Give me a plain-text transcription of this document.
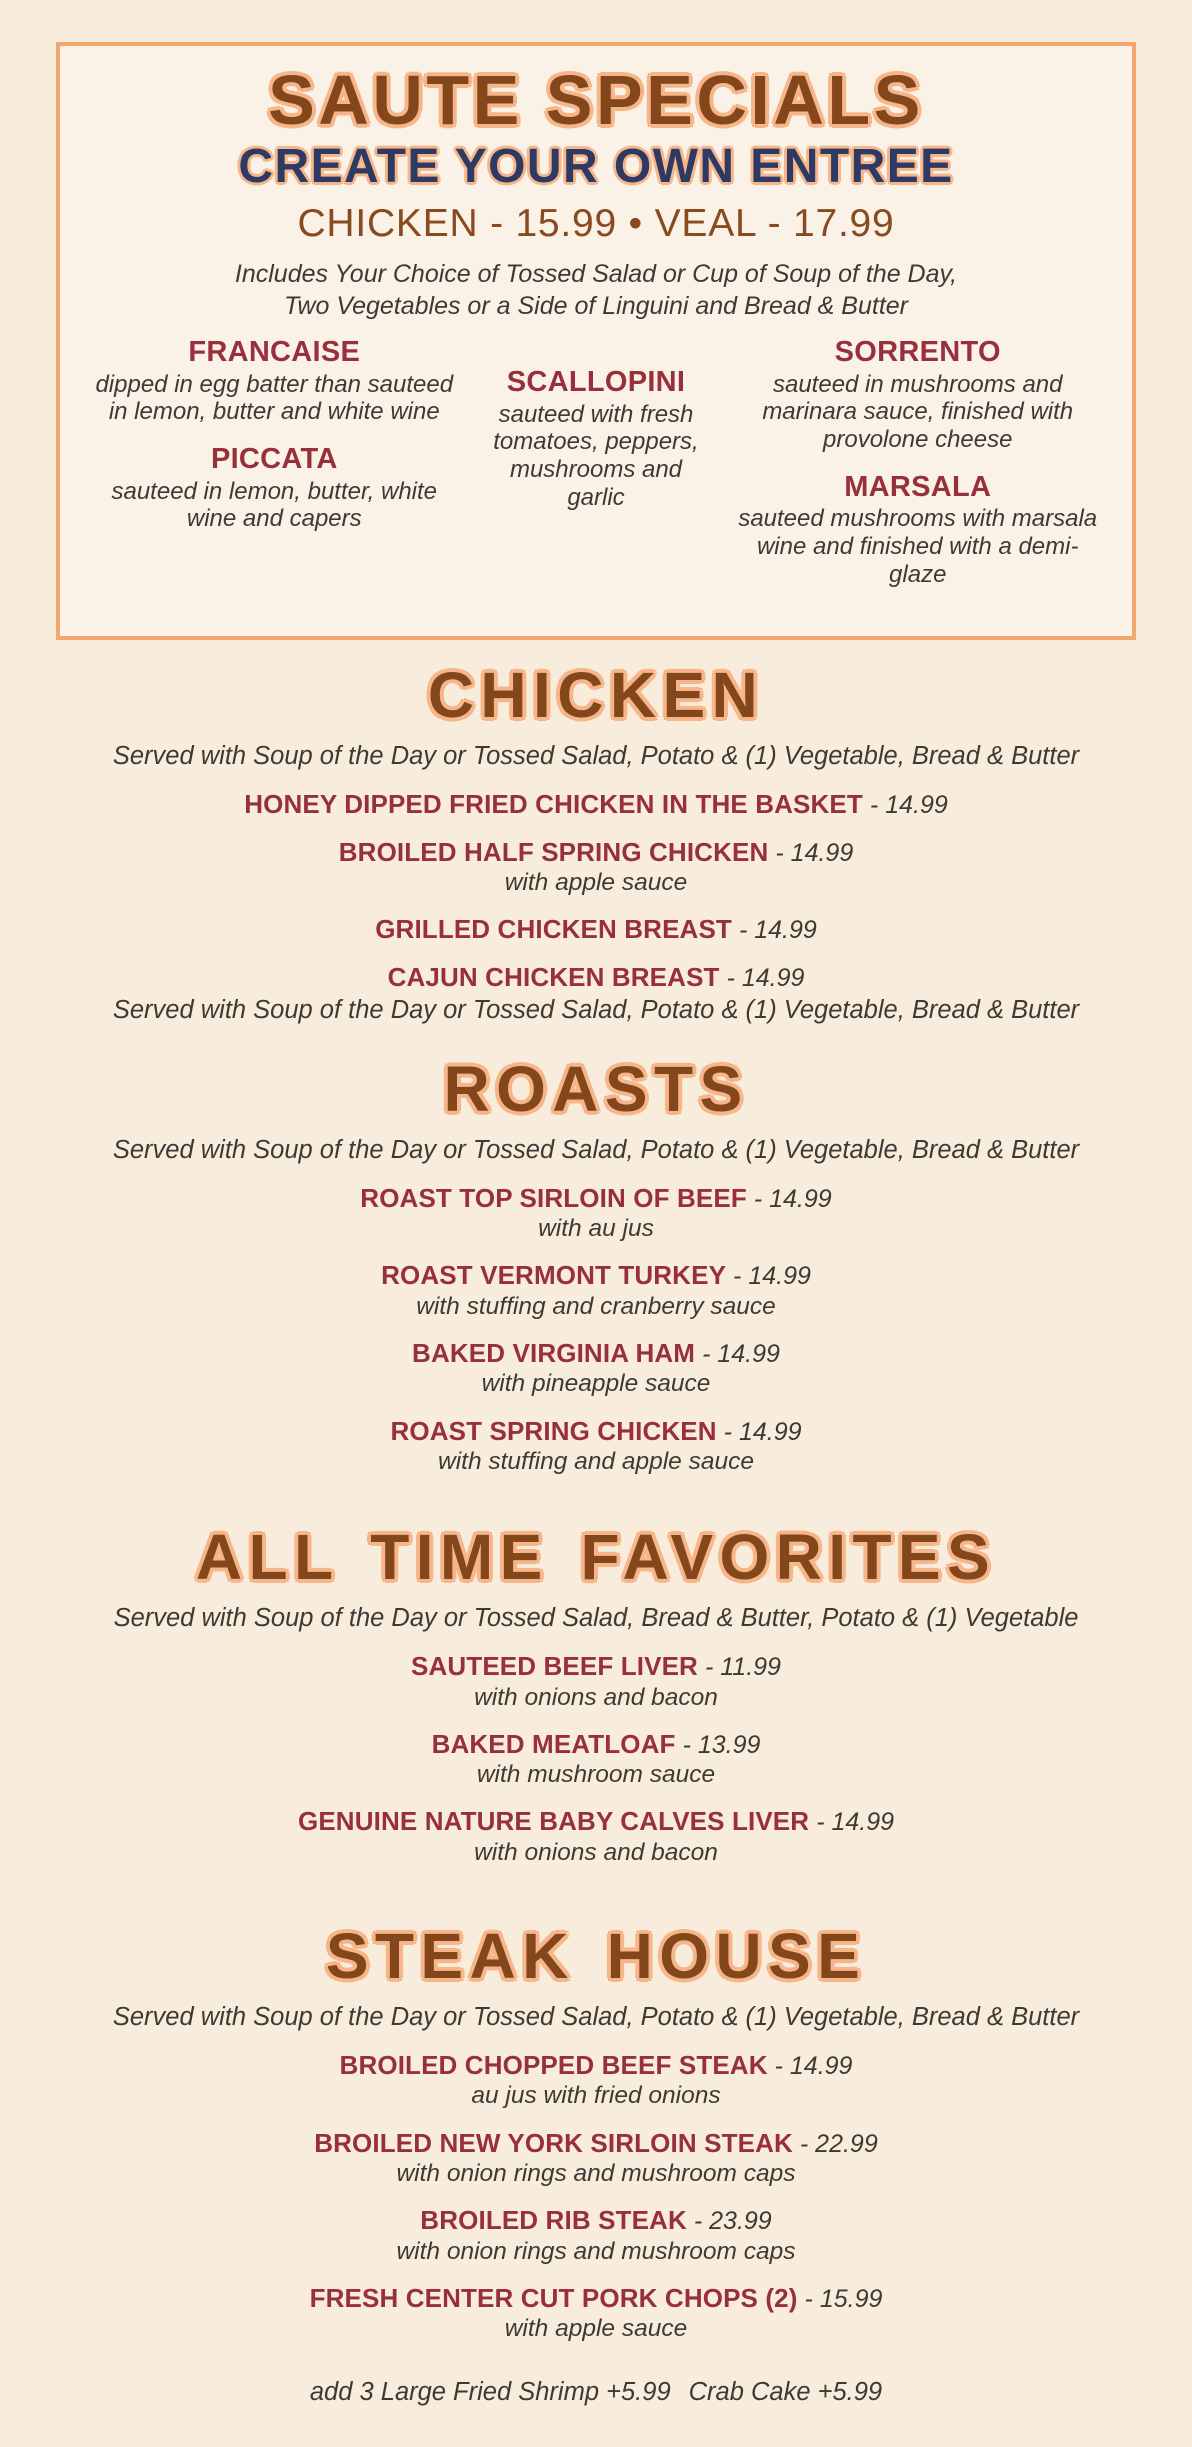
SAUTE SPECIALS
CREATE YOUR OWN ENTREE
CHICKEN - 15.99 • VEAL - 17.99
Includes Your Choice of Tossed Salad or Cup of Soup of the Day,
Two Vegetables or a Side of Linguini and Bread & Butter
FRANCAISE
dipped in egg batter than sauteed in lemon, butter and white wine
PICCATA
sauteed in lemon, butter, white wine and capers
SCALLOPINI
sauteed with fresh tomatoes, peppers, mushrooms and garlic
SORRENTO
sauteed in mushrooms and marinara sauce, finished with provolone cheese
MARSALA
sauteed mushrooms with marsala wine and finished with a demi-glaze
CHICKEN
Served with Soup of the Day or Tossed Salad, Potato & (1) Vegetable, Bread & Butter
HONEY DIPPED FRIED CHICKEN IN THE BASKET - 14.99
BROILED HALF SPRING CHICKEN - 14.99
with apple sauce
GRILLED CHICKEN BREAST - 14.99
CAJUN CHICKEN BREAST - 14.99
Served with Soup of the Day or Tossed Salad, Potato & (1) Vegetable, Bread & Butter
ROASTS
Served with Soup of the Day or Tossed Salad, Potato & (1) Vegetable, Bread & Butter
ROAST TOP SIRLOIN OF BEEF - 14.99
with au jus
ROAST VERMONT TURKEY - 14.99
with stuffing and cranberry sauce
BAKED VIRGINIA HAM - 14.99
with pineapple sauce
ROAST SPRING CHICKEN - 14.99
with stuffing and apple sauce
ALL TIME FAVORITES
Served with Soup of the Day or Tossed Salad, Bread & Butter, Potato & (1) Vegetable
SAUTEED BEEF LIVER - 11.99
with onions and bacon
BAKED MEATLOAF - 13.99
with mushroom sauce
GENUINE NATURE BABY CALVES LIVER - 14.99
with onions and bacon
STEAK HOUSE
Served with Soup of the Day or Tossed Salad, Potato & (1) Vegetable, Bread & Butter
BROILED CHOPPED BEEF STEAK - 14.99
au jus with fried onions
BROILED NEW YORK SIRLOIN STEAK - 22.99
with onion rings and mushroom caps
BROILED RIB STEAK - 23.99
with onion rings and mushroom caps
FRESH CENTER CUT PORK CHOPS (2) - 15.99
with apple sauce
add 3 Large Fried Shrimp +5.99 Crab Cake +5.99
